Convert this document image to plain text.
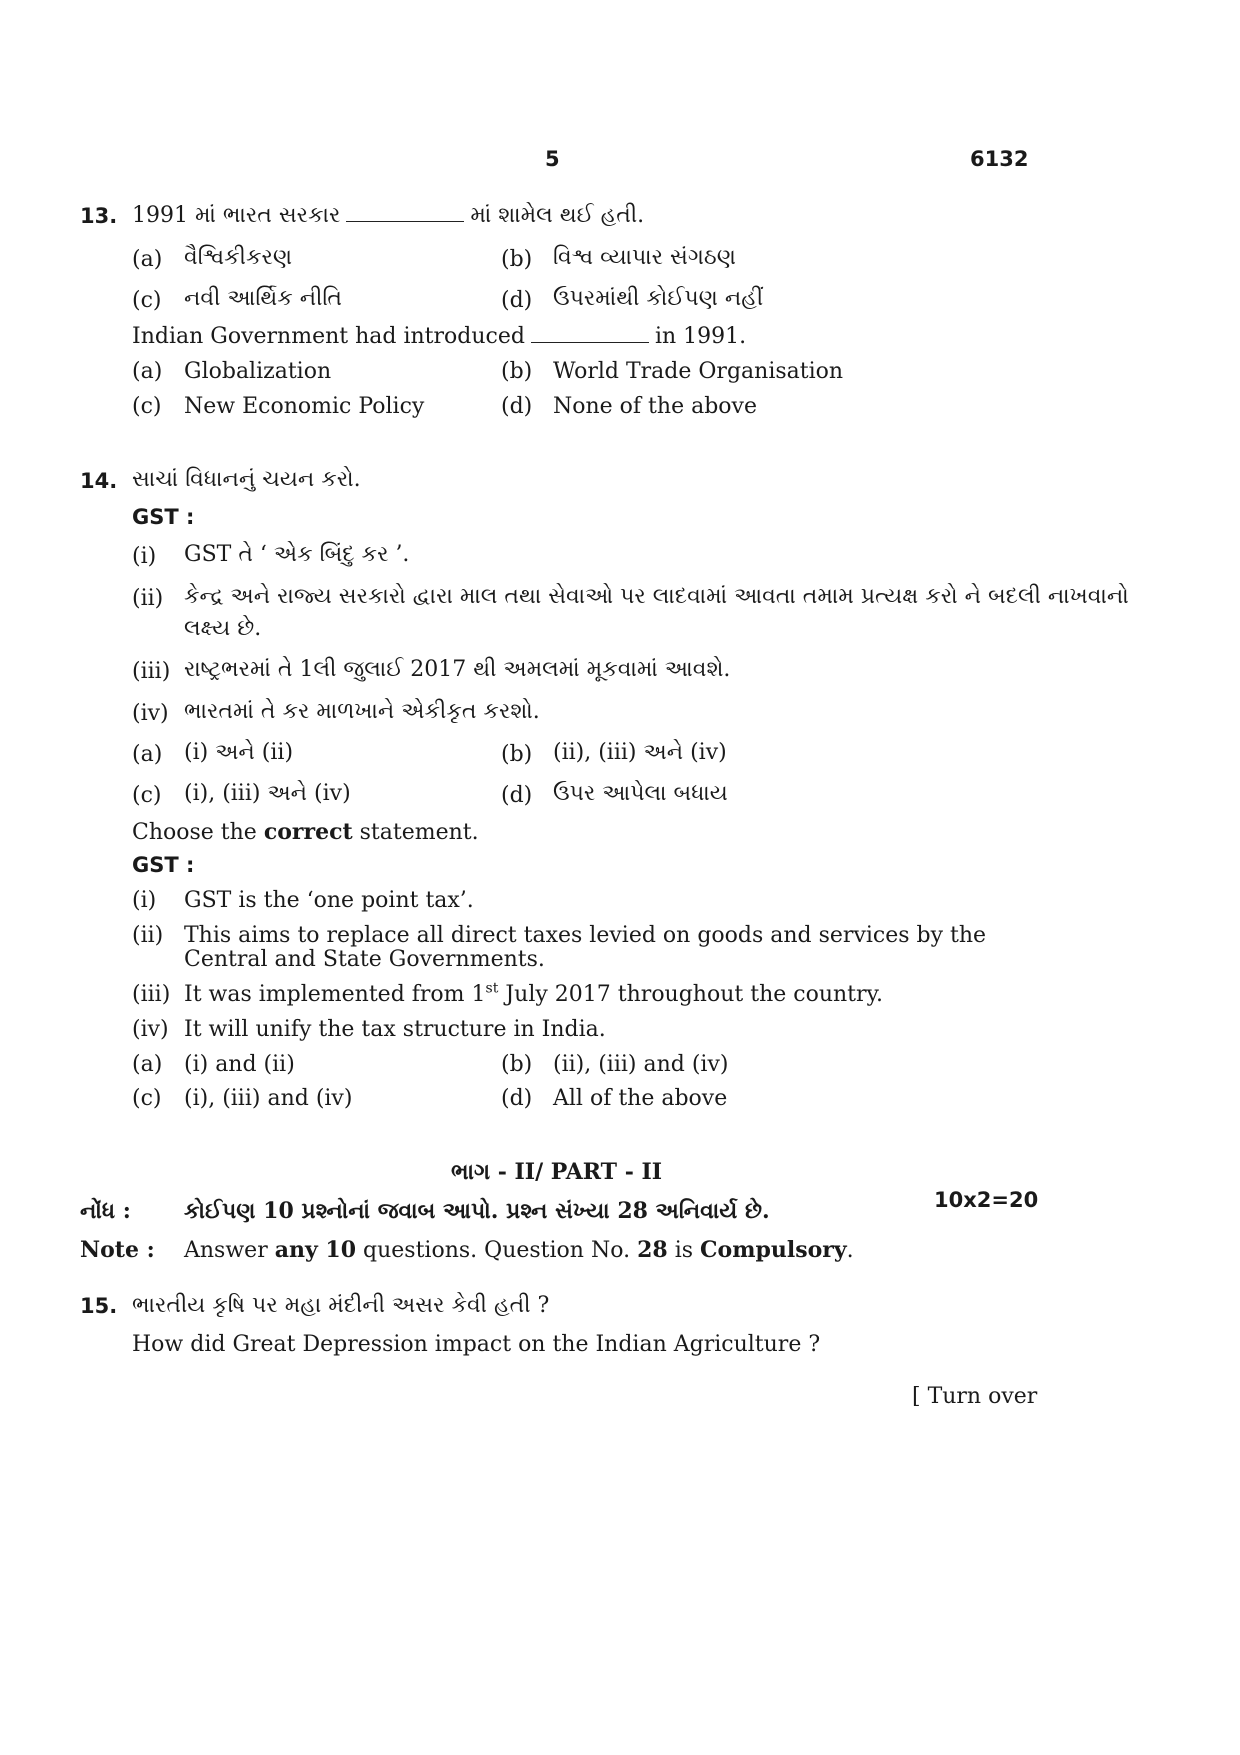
5	6132
13. 1991 માં ભારત સરકાર	માં શામેલ થઈ હતી.
(a) વૈશ્વિકીકરણ	(b) વિશ્વ વ્યાપાર સંગઠણ
(c) નવી આર્થિક નીતિ	(d) ઉપરમાંથી કોઈપણ નહીં
Indian Government had introduced	in 1991.
(a) Globalization	(b) World Trade Organisation
(c) New Economic Policy	(d) None of the above
14. સાચાં વિધાનનું ચયન કરો.
GST :
(i) GST તે ‘ એક બિંદુ કર ’.
(ii) કેન્દ્ર અને રાજ્ય સરકારો દ્વારા માલ તથા સેવાઓ પર લાદવામાં આવતા તમામ પ્રત્યક્ષ કરો ને બદલી નાખવાનો
લક્ષ્ય છે.
(iii) રાષ્ટ્રભરમાં તે 1લી જુલાઈ 2017 થી અમલમાં મૂકવામાં આવશે.
(iv) ભારતમાં તે કર માળખાને એકીકૃત કરશો.
(a) (i) અને (ii)	(b) (ii), (iii) અને (iv)
(c) (i), (iii) અને (iv)	(d) ઉપર આપેલા બધાય
Choose the correct statement.
GST :
(i) GST is the ‘one point tax’.
(ii) This aims to replace all direct taxes levied on goods and services by the
Central and State Governments.
(iii) It was implemented from 1st July 2017 throughout the country.
(iv) It will unify the tax structure in India.
(a) (i) and (ii)	(b) (ii), (iii) and (iv)
(c) (i), (iii) and (iv)	(d) All of the above
ભાગ - II/ PART - II
10x2=20
નોંધ : કોઈપણ 10 પ્રશ્નોનાં જવાબ આપો. પ્રશ્ન સંખ્યા 28 અનિવાર્ય છે.
Note : Answer any 10 questions. Question No. 28 is Compulsory.
15. ભારતીય કૃષિ પર મહા મંદીની અસર કેવી હતી ?
How did Great Depression impact on the Indian Agriculture ?
[ Turn over
